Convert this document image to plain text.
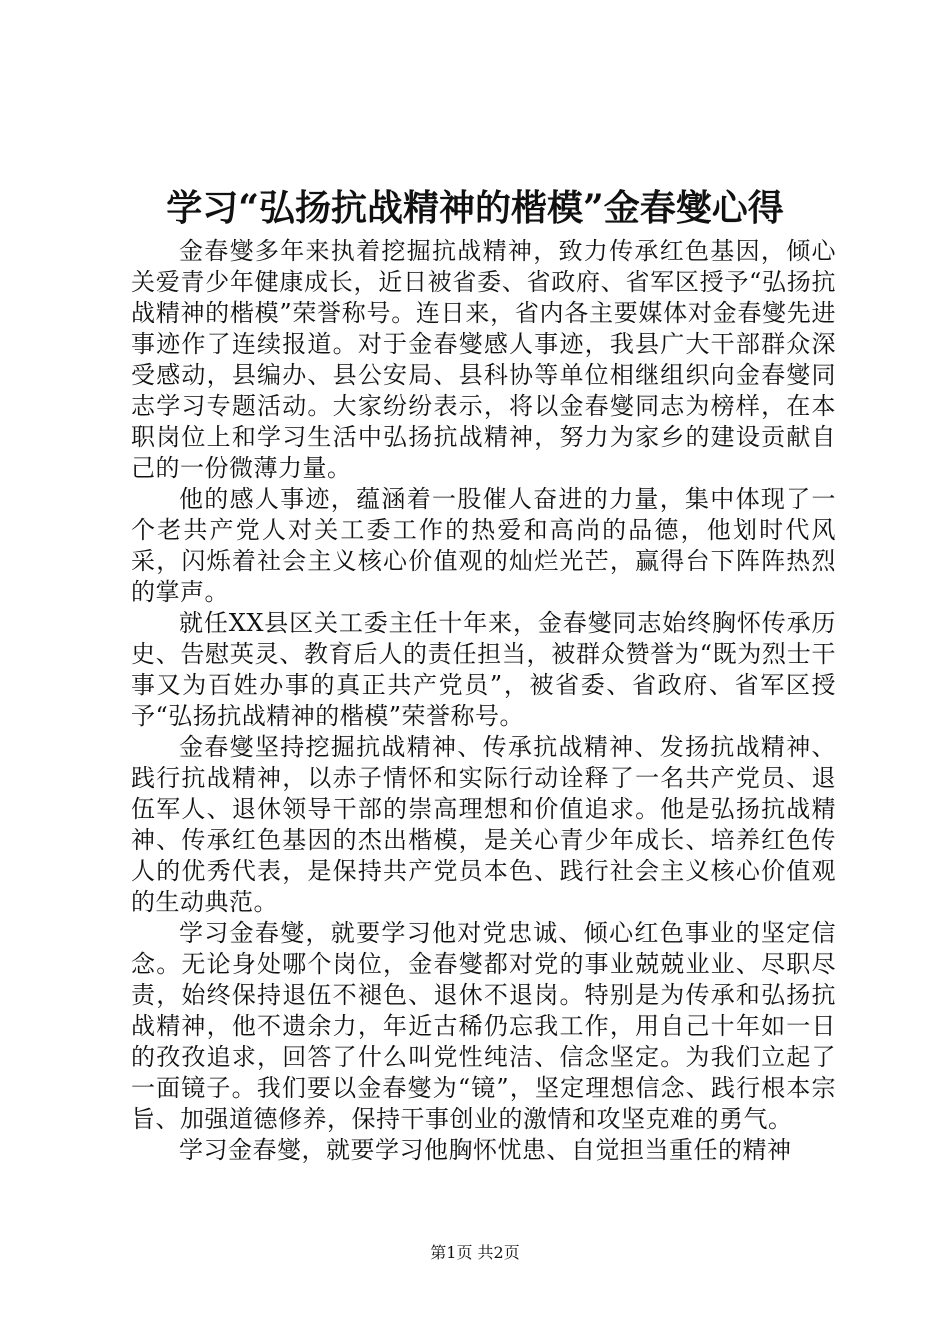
学习“弘扬抗战精神的楷模”金春燮心得

金春燮多年来执着挖掘抗战精神，致力传承红色基因，倾心关爱青少年健康成长，近日被省委、省政府、省军区授予“弘扬抗战精神的楷模”荣誉称号。连日来，省内各主要媒体对金春燮先进事迹作了连续报道。对于金春燮感人事迹，我县广大干部群众深受感动，县编办、县公安局、县科协等单位相继组织向金春燮同志学习专题活动。大家纷纷表示，将以金春燮同志为榜样，在本职岗位上和学习生活中弘扬抗战精神，努力为家乡的建设贡献自己的一份微薄力量。

他的感人事迹，蕴涵着一股催人奋进的力量，集中体现了一个老共产党人对关工委工作的热爱和高尚的品德，他划时代风采，闪烁着社会主义核心价值观的灿烂光芒，赢得台下阵阵热烈的掌声。

就任XX县区关工委主任十年来，金春燮同志始终胸怀传承历史、告慰英灵、教育后人的责任担当，被群众赞誉为“既为烈士干事又为百姓办事的真正共产党员”，被省委、省政府、省军区授予“弘扬抗战精神的楷模”荣誉称号。

金春燮坚持挖掘抗战精神、传承抗战精神、发扬抗战精神、践行抗战精神，以赤子情怀和实际行动诠释了一名共产党员、退伍军人、退休领导干部的崇高理想和价值追求。他是弘扬抗战精神、传承红色基因的杰出楷模，是关心青少年成长、培养红色传人的优秀代表，是保持共产党员本色、践行社会主义核心价值观的生动典范。

学习金春燮，就要学习他对党忠诚、倾心红色事业的坚定信念。无论身处哪个岗位，金春燮都对党的事业兢兢业业、尽职尽责，始终保持退伍不褪色、退休不退岗。特别是为传承和弘扬抗战精神，他不遗余力，年近古稀仍忘我工作，用自己十年如一日的孜孜追求，回答了什么叫党性纯洁、信念坚定。为我们立起了一面镜子。我们要以金春燮为“镜”，坚定理想信念、践行根本宗旨、加强道德修养，保持干事创业的激情和攻坚克难的勇气。

学习金春燮，就要学习他胸怀忧患、自觉担当重任的精神

第1页 共2页
